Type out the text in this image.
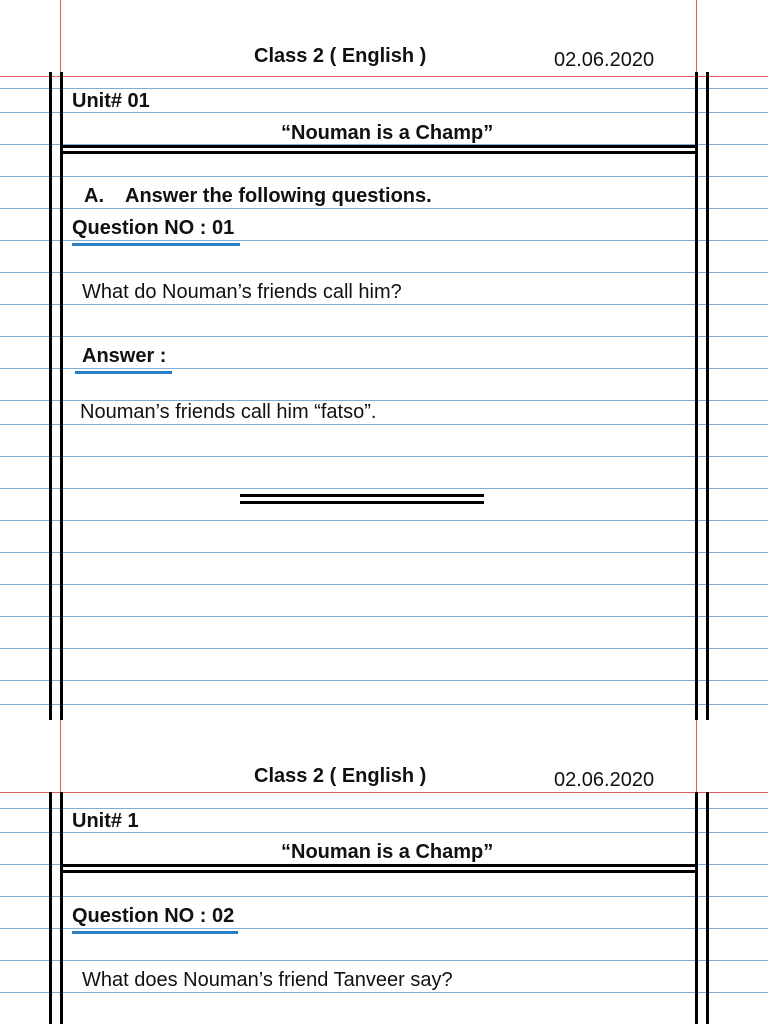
Class 2 ( English )	02.06.2020
Unit# 01
“Nouman is a Champ”
A. Answer the following questions.
Question NO : 01
What do Nouman’s friends call him?
Answer :
Nouman’s friends call him “fatso”.
Class 2 ( English )	02.06.2020
Unit# 1
“Nouman is a Champ”
Question NO : 02
What does Nouman’s friend Tanveer say?
